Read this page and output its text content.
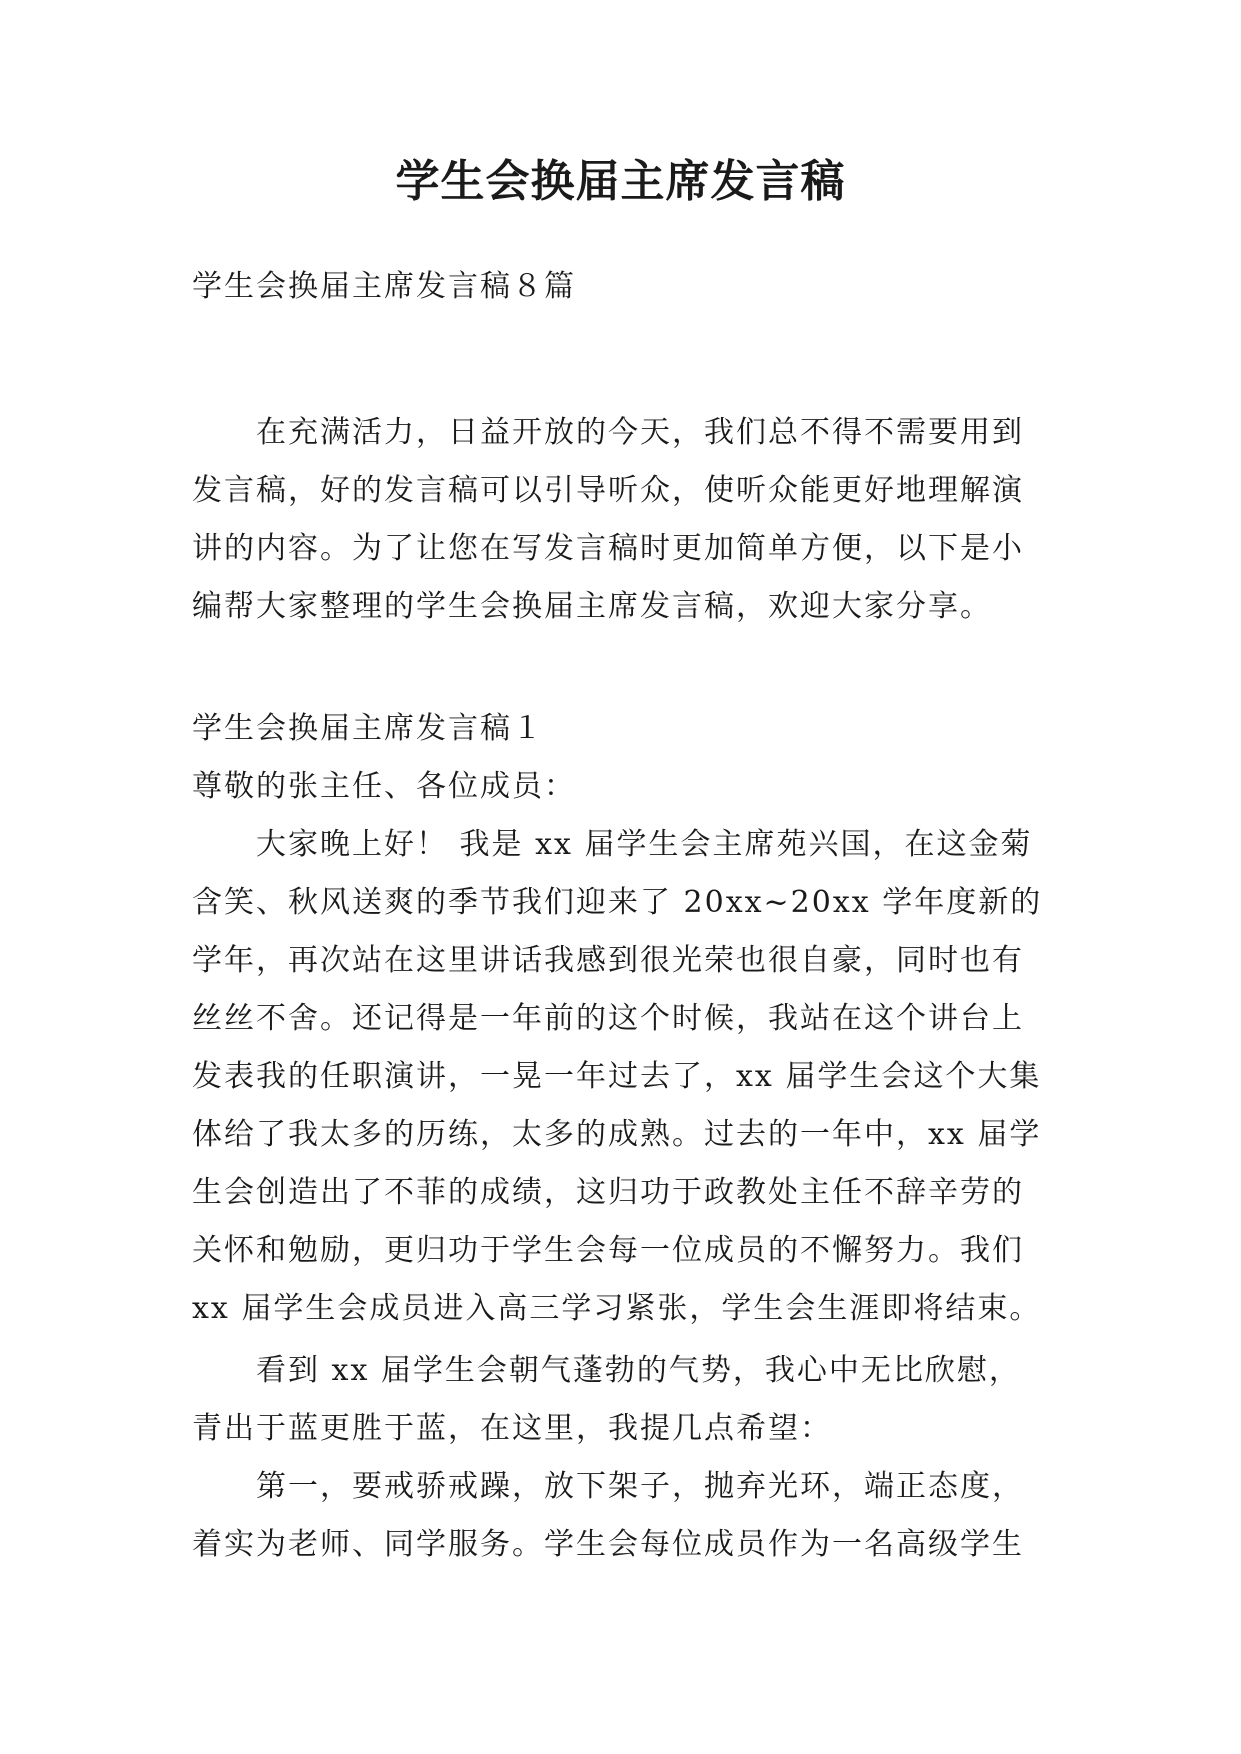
学生会换届主席发言稿

学生会换届主席发言稿８篇

在充满活力，日益开放的今天，我们总不得不需要用到发言稿，好的发言稿可以引导听众，使听众能更好地理解演讲的内容。为了让您在写发言稿时更加简单方便，以下是小编帮大家整理的学生会换届主席发言稿，欢迎大家分享。

学生会换届主席发言稿１

尊敬的张主任、各位成员：

大家晚上好！ 我是 xx 届学生会主席苑兴国，在这金菊含笑、秋风送爽的季节我们迎来了 20xx~20xx 学年度新的学年，再次站在这里讲话我感到很光荣也很自豪，同时也有丝丝不舍。还记得是一年前的这个时候，我站在这个讲台上发表我的任职演讲，一晃一年过去了，xx 届学生会这个大集体给了我太多的历练，太多的成熟。过去的一年中，xx 届学生会创造出了不菲的成绩，这归功于政教处主任不辞辛劳的关怀和勉励，更归功于学生会每一位成员的不懈努力。我们 xx 届学生会成员进入高三学习紧张，学生会生涯即将结束。

看到 xx 届学生会朝气蓬勃的气势，我心中无比欣慰，青出于蓝更胜于蓝，在这里，我提几点希望：

第一，要戒骄戒躁，放下架子，抛弃光环，端正态度，着实为老师、同学服务。学生会每位成员作为一名高级学生
